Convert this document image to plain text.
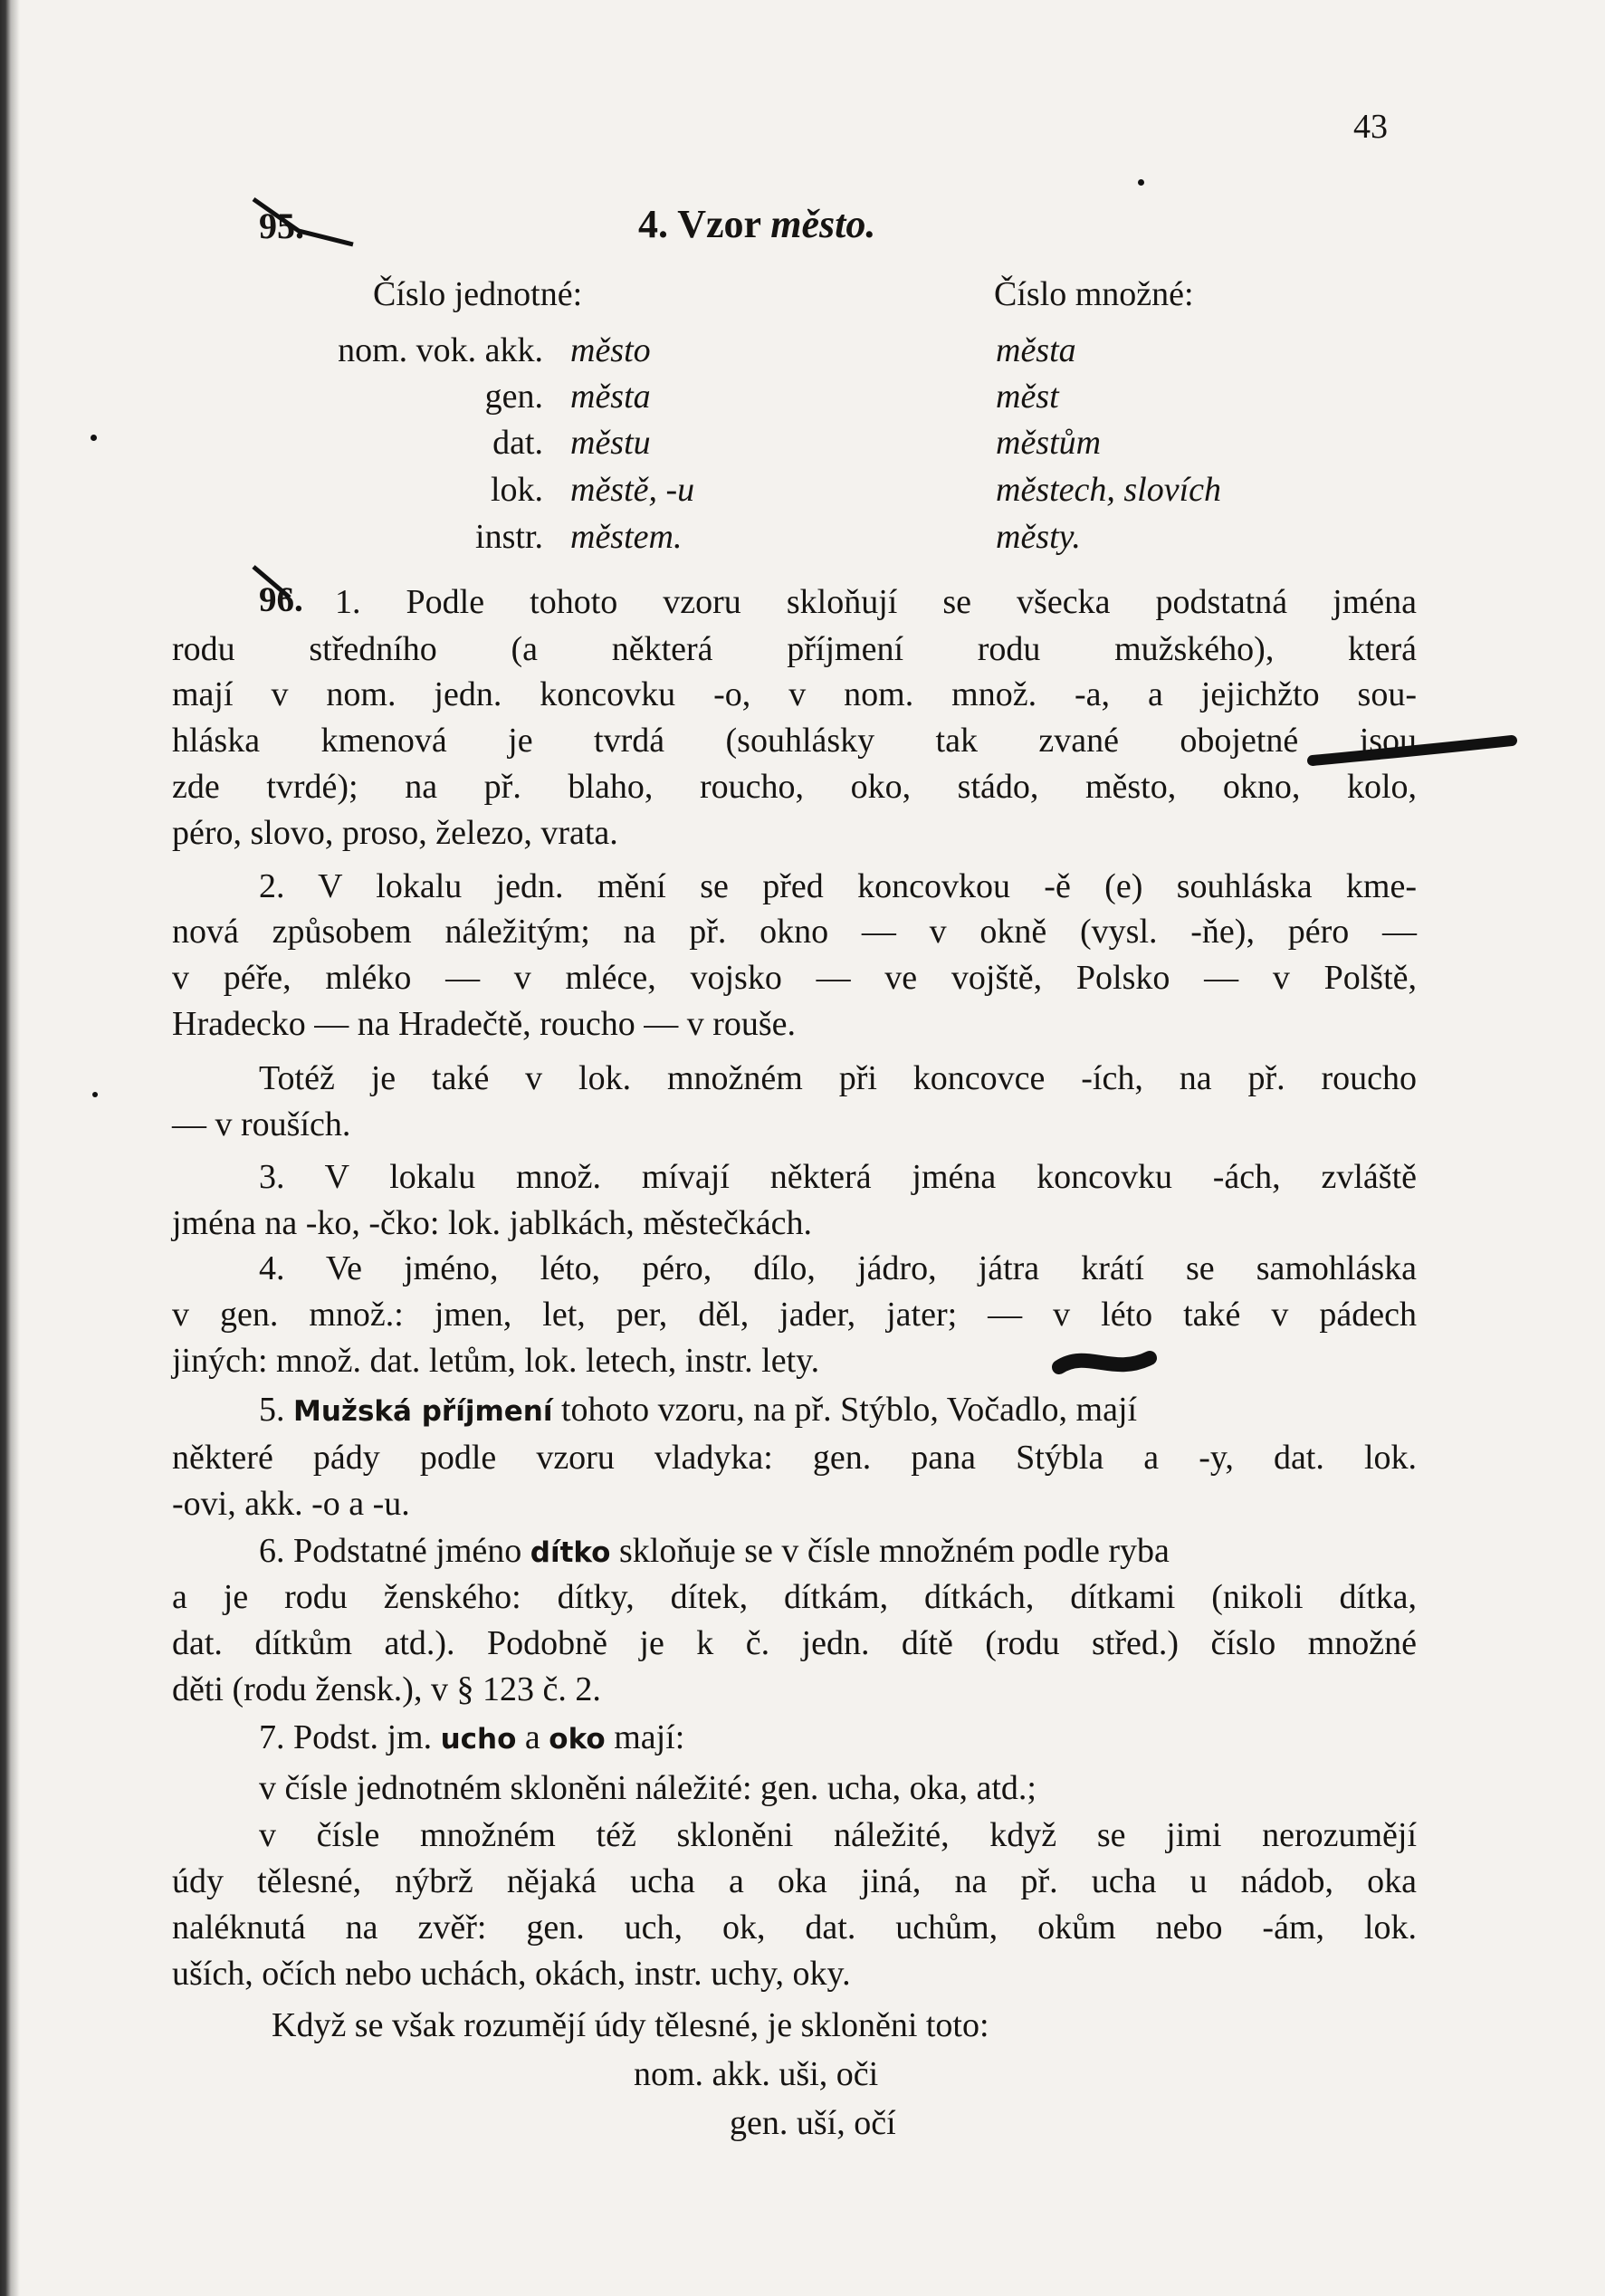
43
95.	4. Vzor město.
Číslo jednotné:	Číslo množné:
nom. vok. akk. město	města
gen. města	měst
dat. městu	městům
lok. městě, -u	městech, slovích
instr. městem.	městy.
96. 1. Podle tohoto vzoru skloňují se všecka podstatná jména
rodu středního (a některá příjmení rodu mužského), která
mají v nom. jedn. koncovku -o, v nom. množ. -a, a jejichžto sou-
hláska kmenová je tvrdá (souhlásky tak zvané obojetné jsou
zde tvrdé); na př. blaho, roucho, oko, stádo, město, okno, kolo,
péro, slovo, proso, železo, vrata.
2. V lokalu jedn. mění se před koncovkou -ě (e) souhláska kme-
nová způsobem náležitým; na př. okno — v okně (vysl. -ňe), péro —
v péře, mléko — v mléce, vojsko — ve vojště, Polsko — v Polště,
Hradecko — na Hradečtě, roucho — v rouše.
Totéž je také v lok. množném při koncovce -ích, na př. roucho
— v rouších.
3. V lokalu množ. mívají některá jména koncovku -ách, zvláště
jména na -ko, -čko: lok. jablkách, městečkách.
4. Ve jméno, léto, péro, dílo, jádro, játra krátí se samohláska
v gen. množ.: jmen, let, per, děl, jader, jater; — v léto také v pádech
jiných: množ. dat. letům, lok. letech, instr. lety.
5. Mužská příjmení tohoto vzoru, na př. Stýblo, Vočadlo, mají
některé pády podle vzoru vladyka: gen. pana Stýbla a -y, dat. lok.
-ovi, akk. -o a -u.
6. Podstatné jméno dítko skloňuje se v čísle množném podle ryba
a je rodu ženského: dítky, dítek, dítkám, dítkách, dítkami (nikoli dítka,
dat. dítkům atd.). Podobně je k č. jedn. dítě (rodu střed.) číslo množné
děti (rodu žensk.), v § 123 č. 2.
7. Podst. jm. ucho a oko mají:
v čísle jednotném skloněni náležité: gen. ucha, oka, atd.;
v čísle množném též skloněni náležité, když se jimi nerozumějí
údy tělesné, nýbrž nějaká ucha a oka jiná, na př. ucha u nádob, oka
naléknutá na zvěř: gen. uch, ok, dat. uchům, okům nebo -ám, lok.
uších, očích nebo uchách, okách, instr. uchy, oky.
Když se však rozumějí údy tělesné, je skloněni toto:
nom. akk. uši, oči
gen. uší, očí
